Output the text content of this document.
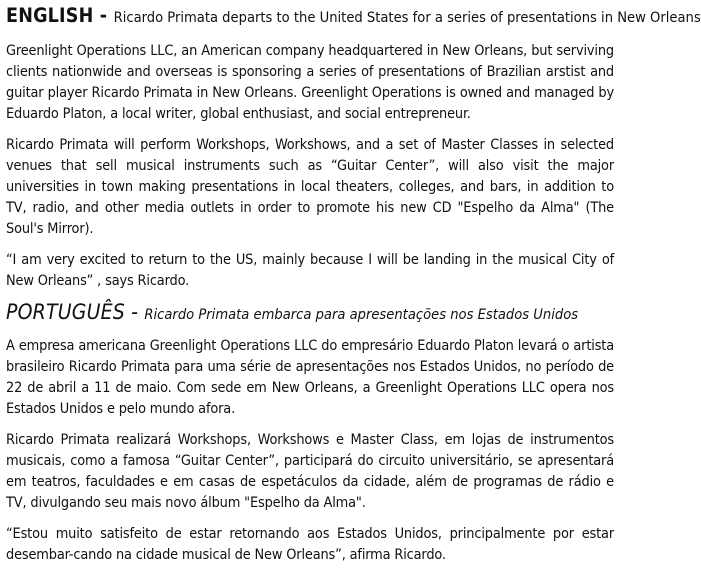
ENGLISH - Ricardo Primata departs to the United States for a series of presentations in New Orleans

Greenlight Operations LLC, an American company headquartered in New Orleans, but serviving clients nationwide and overseas is sponsoring a series of presentations of Brazilian arstist and guitar player Ricardo Primata in New Orleans. Greenlight Operations is owned and managed by Eduardo Platon, a local writer, global enthusiast, and social entrepreneur.

Ricardo Primata will perform Workshops, Workshows, and a set of Master Classes in selected venues that sell musical instruments such as “Guitar Center”, will also visit the major universities in town making presentations in local theaters, colleges, and bars, in addition to TV, radio, and other media outlets in order to promote his new CD "Espelho da Alma" (The Soul's Mirror).

“I am very excited to return to the US, mainly because I will be landing in the musical City of New Orleans” , says Ricardo.

PORTUGUÊS - Ricardo Primata embarca para apresentações nos Estados Unidos

A empresa americana Greenlight Operations LLC do empresário Eduardo Platon levará o artista brasileiro Ricardo Primata para uma série de apresentações nos Estados Unidos, no período de 22 de abril a 11 de maio. Com sede em New Orleans, a Greenlight Operations LLC opera nos Estados Unidos e pelo mundo afora.

Ricardo Primata realizará Workshops, Workshows e Master Class, em lojas de instrumentos musicais, como a famosa “Guitar Center”, participará do circuito universitário, se apresentará em teatros, faculdades e em casas de espetáculos da cidade, além de programas de rádio e TV, divulgando seu mais novo álbum "Espelho da Alma".

“Estou muito satisfeito de estar retornando aos Estados Unidos, principalmente por estar desembar-cando na cidade musical de New Orleans”, afirma Ricardo.
